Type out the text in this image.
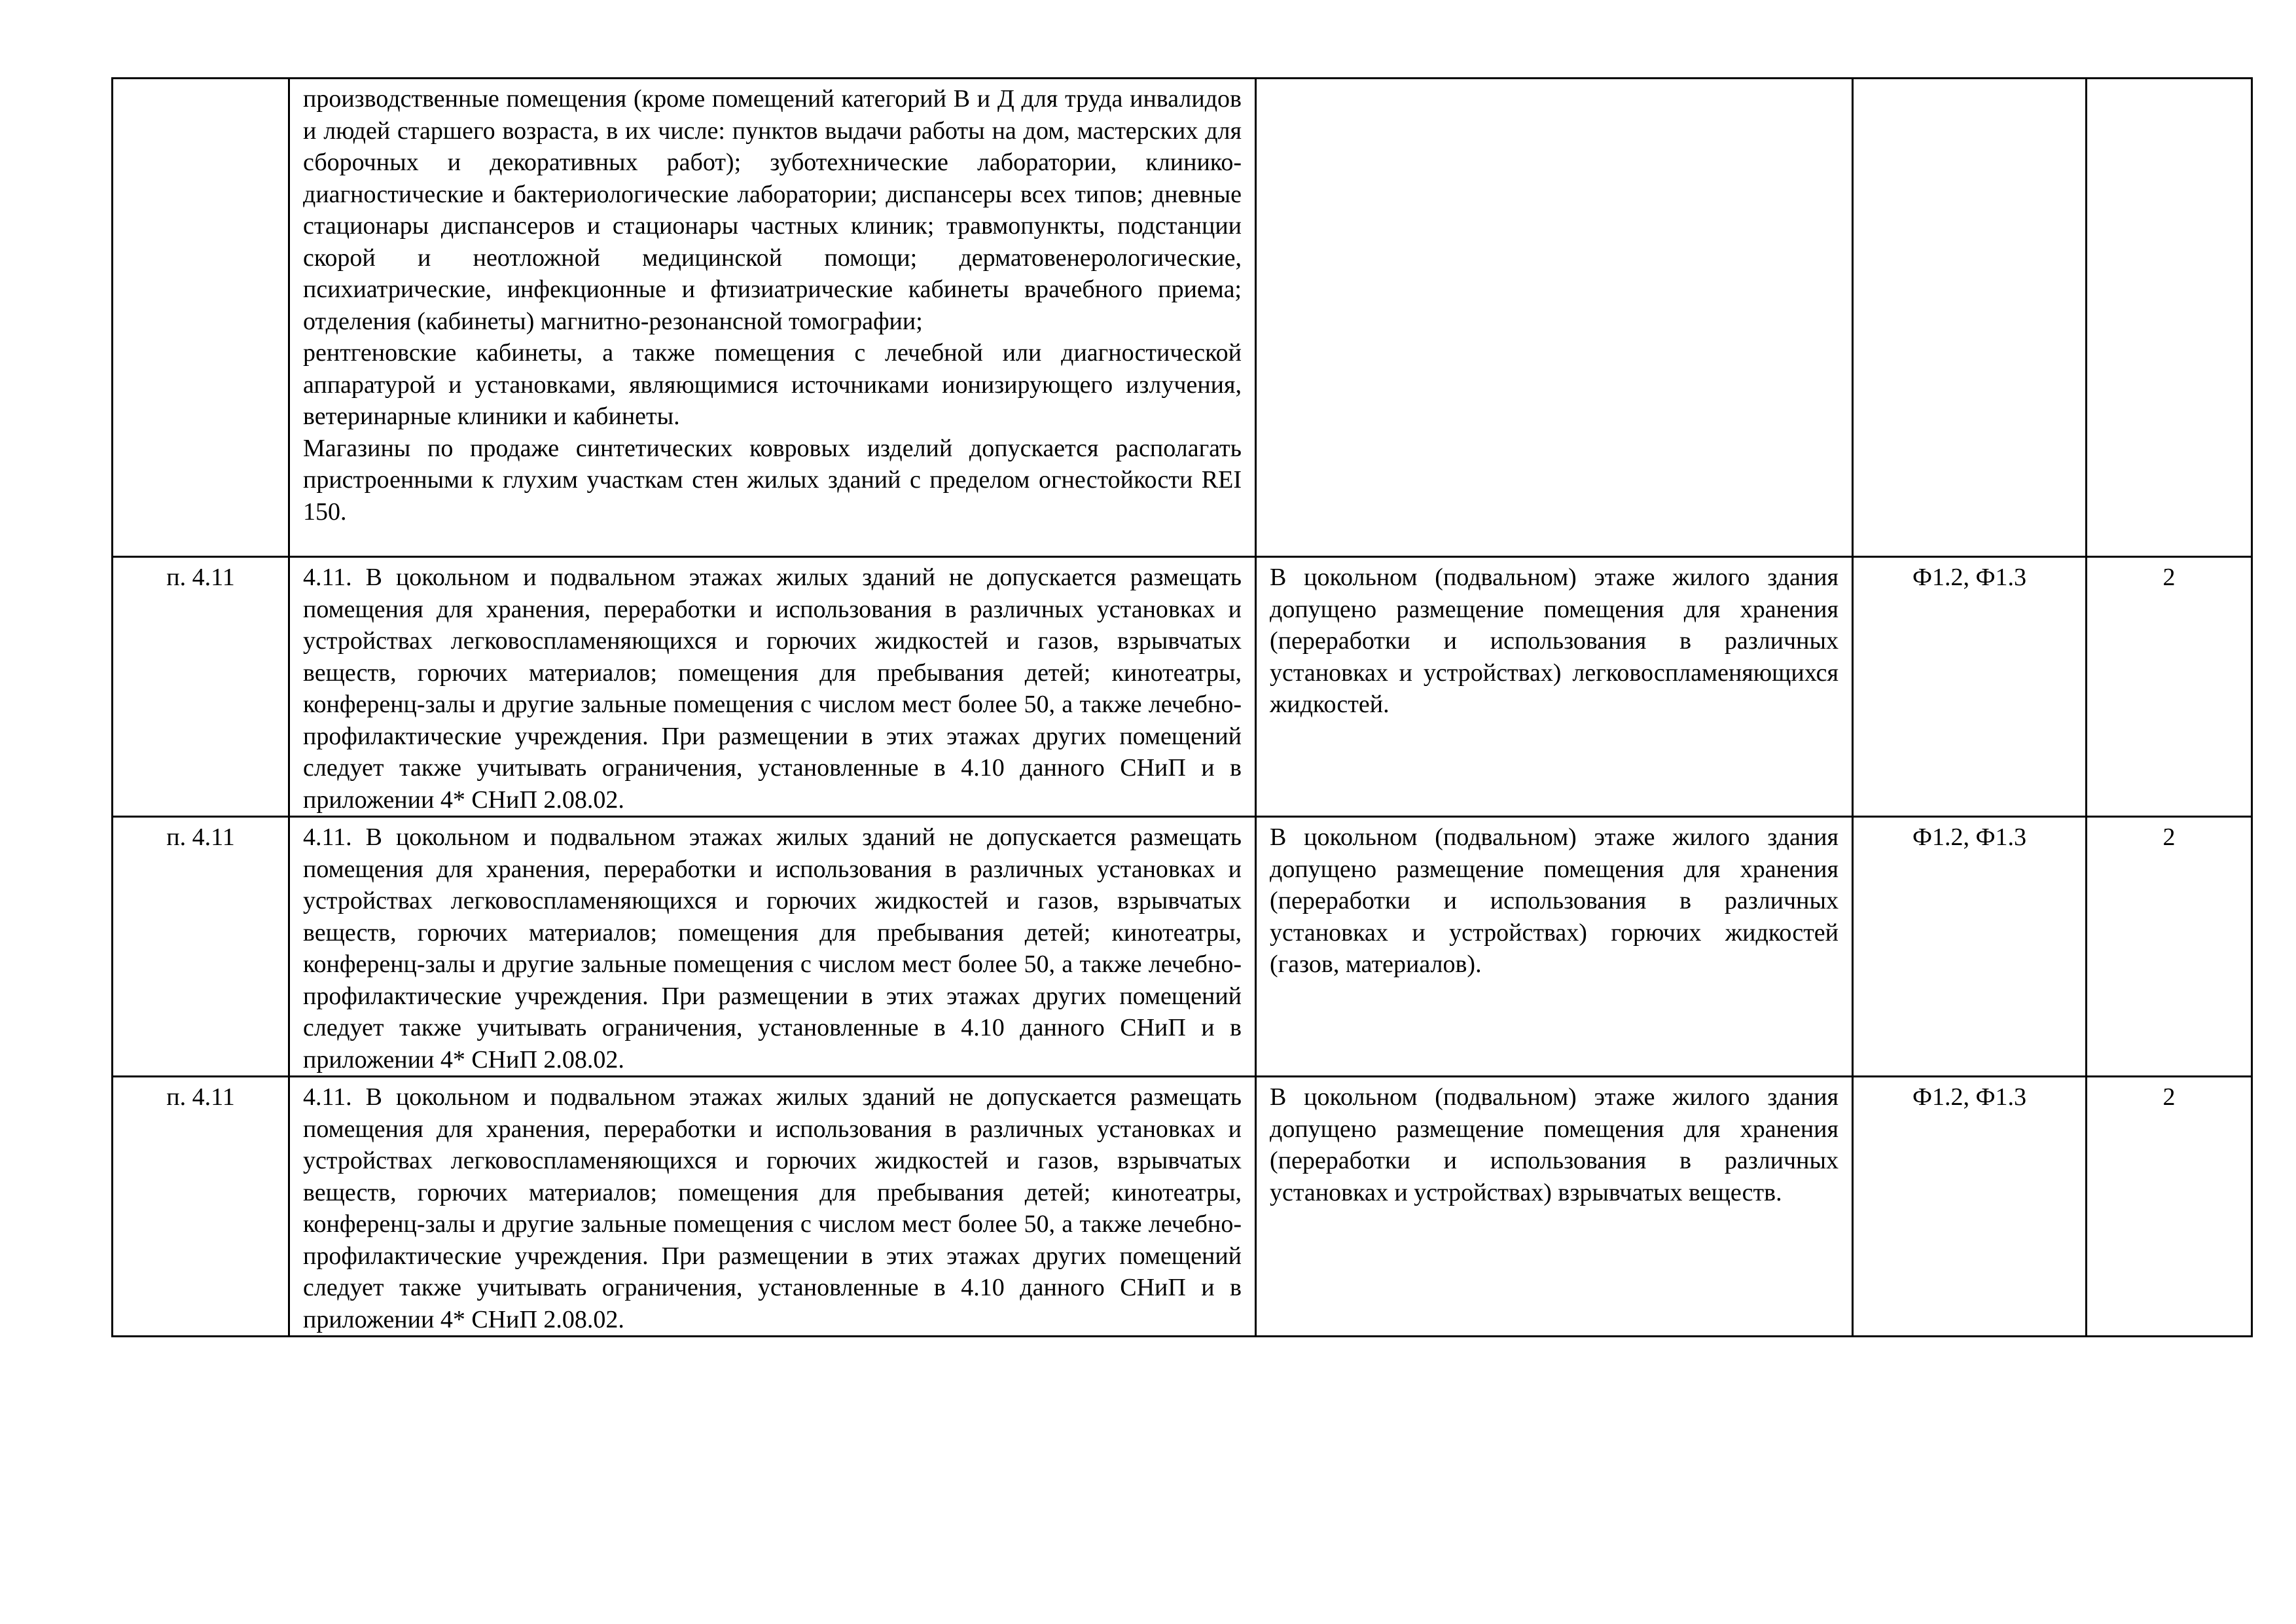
	производственные помещения (кроме помещений категорий В и Д для труда инвалидов и людей старшего возраста, в их числе: пунктов выдачи работы на дом, мастерских для сборочных и декоративных работ); зуботехнические лаборатории, клинико-диагностические и бактериологические лаборатории; диспансеры всех типов; дневные стационары диспансеров и стационары частных клиник; травмопункты, подстанции скорой и неотложной медицинской помощи; дерматовенерологические, психиатрические, инфекционные и фтизиатрические кабинеты врачебного приема; отделения (кабинеты) магнитно-резонансной томографии;
рентгеновские кабинеты, а также помещения с лечебной или диагностической аппаратурой и установками, являющимися источниками ионизирующего излучения, ветеринарные клиники и кабинеты.
Магазины по продаже синтетических ковровых изделий допускается располагать пристроенными к глухим участкам стен жилых зданий с пределом огнестойкости REI 150.			

п. 4.11	4.11. В цокольном и подвальном этажах жилых зданий не допускается размещать помещения для хранения, переработки и использования в различных установках и устройствах легковоспламеняющихся и горючих жидкостей и газов, взрывчатых веществ, горючих материалов; помещения для пребывания детей; кинотеатры, конференц-залы и другие зальные помещения с числом мест более 50, а также лечебно-профилактические учреждения. При размещении в этих этажах других помещений следует также учитывать ограничения, установленные в 4.10 данного СНиП и в приложении 4* СНиП 2.08.02.	В цокольном (подвальном) этаже жилого здания допущено размещение помещения для хранения (переработки и использования в различных установках и устройствах) легковоспламеняющихся жидкостей.	Ф1.2, Ф1.3	2
п. 4.11	4.11. В цокольном и подвальном этажах жилых зданий не допускается размещать помещения для хранения, переработки и использования в различных установках и устройствах легковоспламеняющихся и горючих жидкостей и газов, взрывчатых веществ, горючих материалов; помещения для пребывания детей; кинотеатры, конференц-залы и другие зальные помещения с числом мест более 50, а также лечебно-профилактические учреждения. При размещении в этих этажах других помещений следует также учитывать ограничения, установленные в 4.10 данного СНиП и в приложении 4* СНиП 2.08.02.	В цокольном (подвальном) этаже жилого здания допущено размещение помещения для хранения (переработки и использования в различных установках и устройствах) горючих жидкостей (газов, материалов).	Ф1.2, Ф1.3	2
п. 4.11	4.11. В цокольном и подвальном этажах жилых зданий не допускается размещать помещения для хранения, переработки и использования в различных установках и устройствах легковоспламеняющихся и горючих жидкостей и газов, взрывчатых веществ, горючих материалов; помещения для пребывания детей; кинотеатры, конференц-залы и другие зальные помещения с числом мест более 50, а также лечебно-профилактические учреждения. При размещении в этих этажах других помещений следует также учитывать ограничения, установленные в 4.10 данного СНиП и в приложении 4* СНиП 2.08.02.	В цокольном (подвальном) этаже жилого здания допущено размещение помещения для хранения (переработки и использования в различных установках и устройствах) взрывчатых веществ.	Ф1.2, Ф1.3	2
